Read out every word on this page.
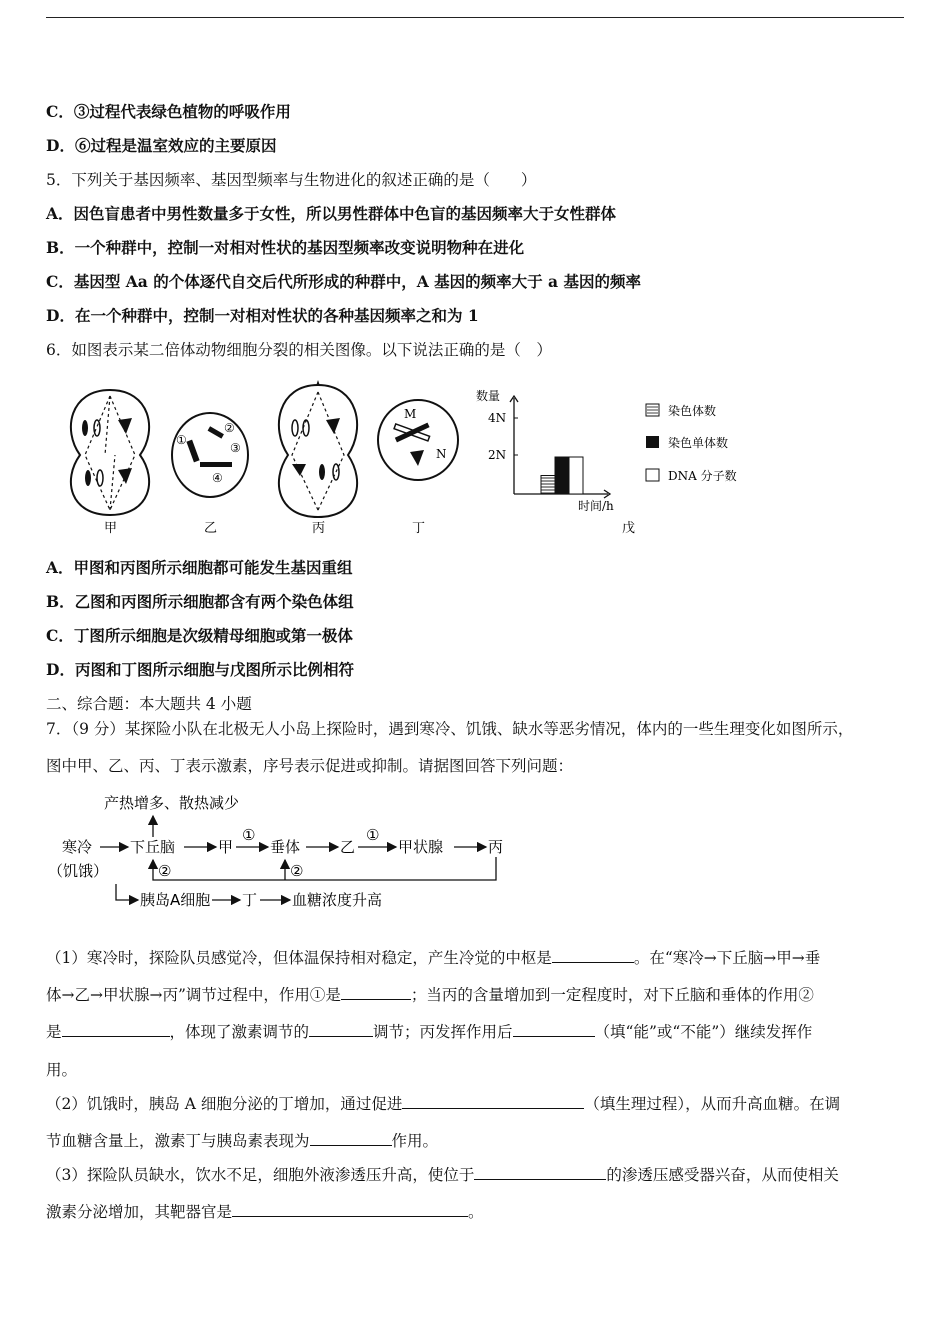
C．③过程代表绿色植物的呼吸作用
D．⑥过程是温室效应的主要原因
5．下列关于基因频率、基因型频率与生物进化的叙述正确的是（　　）
A．因色盲患者中男性数量多于女性，所以男性群体中色盲的基因频率大于女性群体
B．一个种群中，控制一对相对性状的基因型频率改变说明物种在进化
C．基因型 Aa 的个体逐代自交后代所形成的种群中，A 基因的频率大于 a 基因的频率
D．在一个种群中，控制一对相对性状的各种基因频率之和为 1
6．如图表示某二倍体动物细胞分裂的相关图像。以下说法正确的是（　）
①
②
③
④
M
N
甲	乙	丙	丁	戊
数量
4N
2N
时间/h
染色体数
染色单体数
DNA 分子数
A．甲图和丙图所示细胞都可能发生基因重组
B．乙图和丙图所示细胞都含有两个染色体组
C．丁图所示细胞是次级精母细胞或第一极体
D．丙图和丁图所示细胞与戊图所示比例相符
二、综合题：本大题共 4 小题
7．（9 分）某探险小队在北极无人小岛上探险时，遇到寒冷、饥饿、缺水等恶劣情况，体内的一些生理变化如图所示，
图中甲、乙、丙、丁表示激素，序号表示促进或抑制。请据图回答下列问题：
产热增多、散热减少
寒冷	下丘脑	甲
①
垂体	乙
①
甲状腺	丙
②	②
（饥饿）
胰岛A细胞 丁 血糖浓度升高
（1）寒冷时，探险队员感觉冷，但体温保持相对稳定，产生冷觉的中枢是	。在“寒冷→下丘脑→甲→垂
体→乙→甲状腺→丙”调节过程中，作用①是	；当丙的含量增加到一定程度时，对下丘脑和垂体的作用②
是	，体现了激素调节的	调节；丙发挥作用后	（填“能”或“不能”）继续发挥作
用。
（2）饥饿时，胰岛 A 细胞分泌的丁增加，通过促进	（填生理过程），从而升高血糖。在调
节血糖含量上，激素丁与胰岛素表现为	作用。
（3）探险队员缺水，饮水不足，细胞外液渗透压升高，使位于	的渗透压感受器兴奋，从而使相关
激素分泌增加，其靶器官是	。
